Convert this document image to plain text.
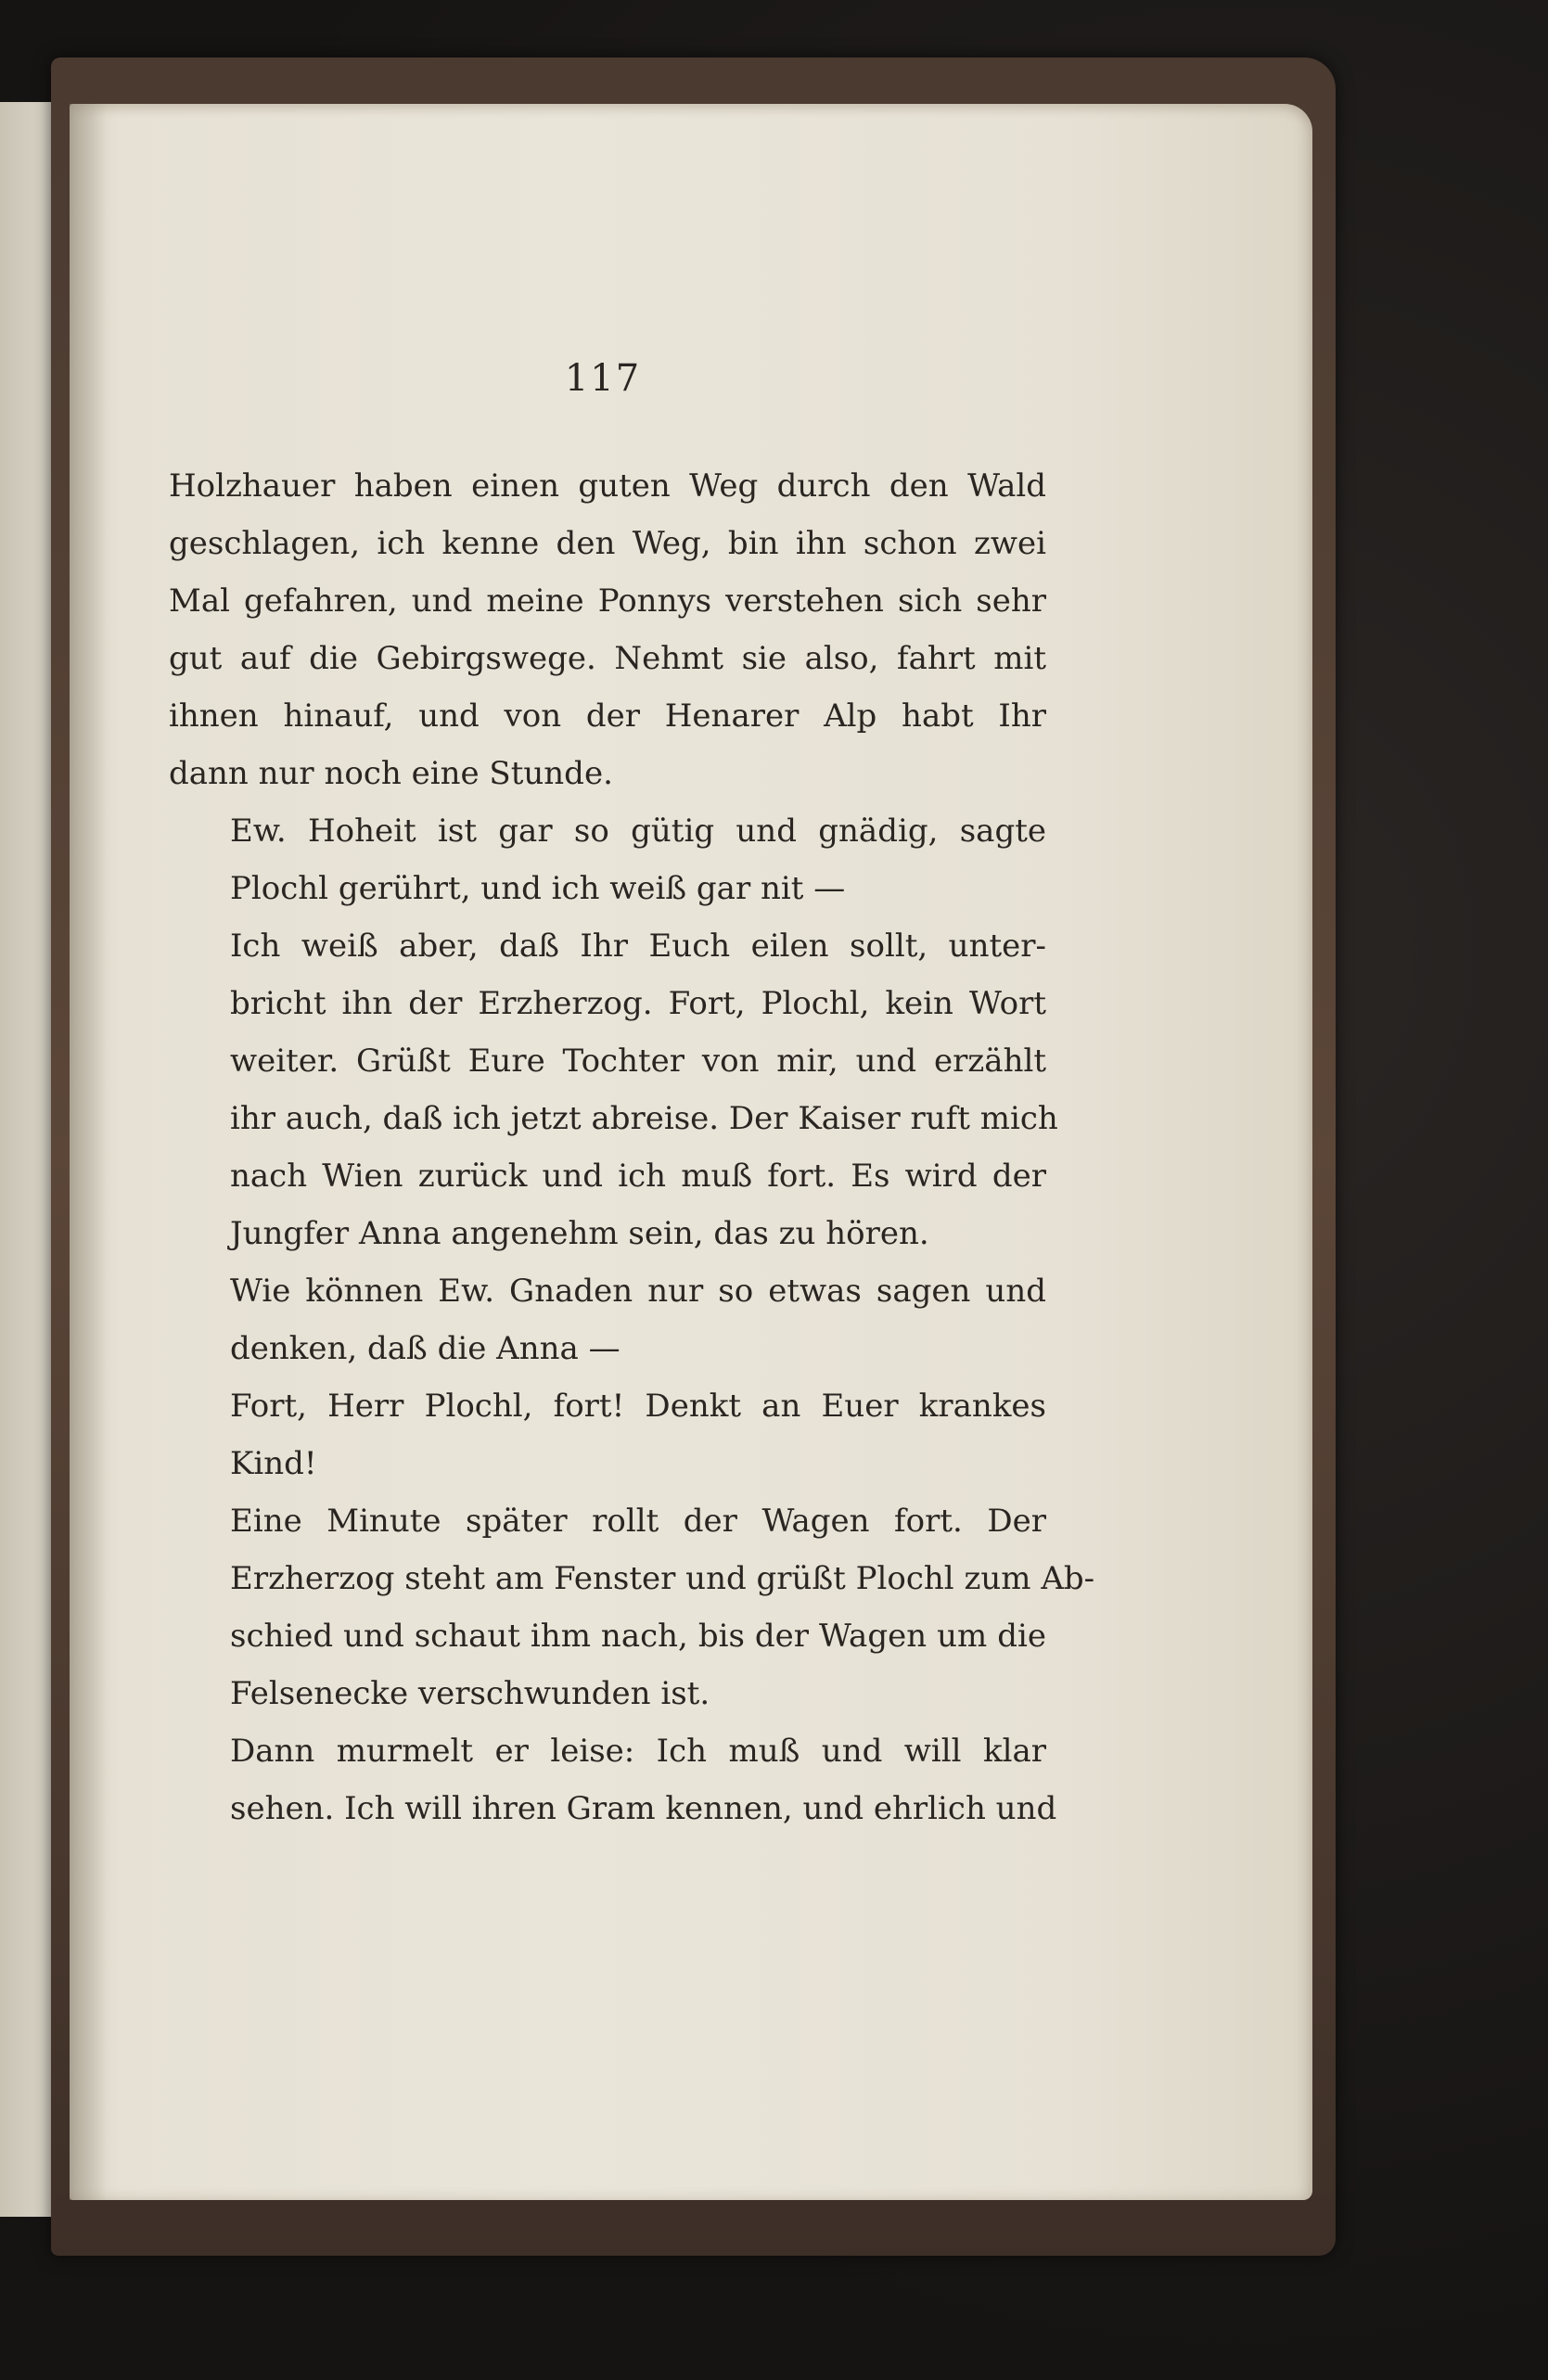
117

Holzhauer haben einen guten Weg durch den Wald
geschlagen, ich kenne den Weg, bin ihn schon zwei
Mal gefahren, und meine Ponnys verstehen sich sehr
gut auf die Gebirgswege. Nehmt sie also, fahrt mit
ihnen hinauf, und von der Henarer Alp habt Ihr
dann nur noch eine Stunde.

Ew. Hoheit ist gar so gütig und gnädig, sagte
Plochl gerührt, und ich weiß gar nit —

Ich weiß aber, daß Ihr Euch eilen sollt, unter-
bricht ihn der Erzherzog. Fort, Plochl, kein Wort
weiter. Grüßt Eure Tochter von mir, und erzählt
ihr auch, daß ich jetzt abreise. Der Kaiser ruft mich
nach Wien zurück und ich muß fort. Es wird der
Jungfer Anna angenehm sein, das zu hören.

Wie können Ew. Gnaden nur so etwas sagen und
denken, daß die Anna —

Fort, Herr Plochl, fort! Denkt an Euer krankes
Kind!

Eine Minute später rollt der Wagen fort. Der
Erzherzog steht am Fenster und grüßt Plochl zum Ab-
schied und schaut ihm nach, bis der Wagen um die
Felsenecke verschwunden ist.

Dann murmelt er leise: Ich muß und will klar
sehen. Ich will ihren Gram kennen, und ehrlich und
